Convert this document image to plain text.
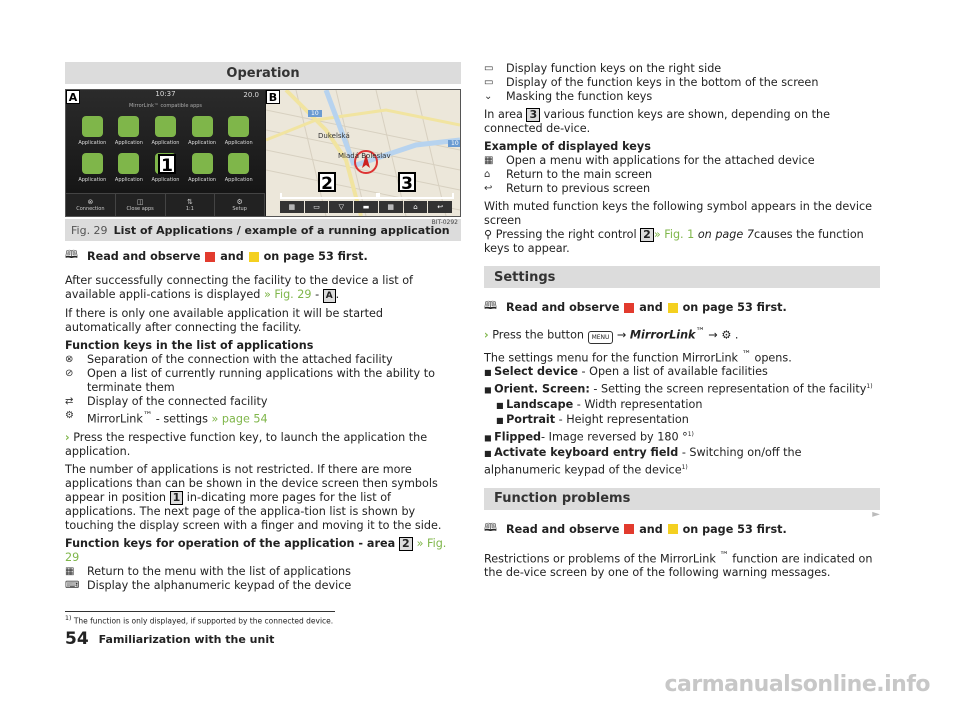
Operation
A	10:37	20.0
MirrorLink™ compatible apps
Application Application Application Application Application
Application Application Application Application Application
⊗
Connection
◫
Close apps
⇅
1:1
⚙
Setup
1
B
10
10
Dukelská
Mladá Boleslav
2	3
▦	▭	▽	▬	▦	⌂	↩
BIT-0292
Fig. 29 List of Applications / example of a running application
🕮 Read and observe

and

on page 53 first.

After successfully connecting the facility to the device a list of available appli-cations is displayed » Fig. 29 - A .

If there is only one available application it will be started automatically after connecting the facility.

Function keys in the list of applications

⊗	Separation of the connection with the attached facility
⊘	Open a list of currently running applications with the ability to terminate them
⇄	Display of the connected facility
⚙	MirrorLink™ - settings » page 54

› Press the respective function key, to launch the application the application.

The number of applications is not restricted. If there are more applications than can be shown in the device screen then symbols appear in position 1 in-dicating more pages for the list of applications. The next page of the applica-tion list is shown by touching the display screen with a finger and moving it to the side.

Function keys for operation of the application - area 2 » Fig. 29

▦	Return to the menu with the list of applications
⌨ Display the alphanumeric keypad of the device
▭	Display function keys on the right side
▭	Display of the function keys in the bottom of the screen
⌄	Masking the function keys

In area 3 various function keys are shown, depending on the connected de-vice.

Example of displayed keys

▦	Open a menu with applications for the attached device
⌂	Return to the main screen
↩	Return to previous screen

With muted function keys the following symbol appears in the device screen
⚲ Pressing the right control 2 » Fig. 1 on page 7causes the function keys to appear.

Settings
🕮 Read and observe

and

on page 53 first.

› Press the button MENU → MirrorLink™ → ⚙ .

The settings menu for the function MirrorLink ™ opens.

■ Select device - Open a list of available facilities

■ Orient. Screen: - Setting the screen representation of the facility$^{1)}$

■ Landscape - Width representation

■ Portrait - Height representation

■ Flipped- Image reversed by 180 °$^{1)}$

■ Activate keyboard entry field - Switching on/off the alphanumeric keypad of the device$^{1)}$

Function problems
🕮 Read and observe

and

on page 53 first.

Restrictions or problems of the MirrorLink ™ function are indicated on the de-vice screen by one of the following warning messages.

►
$^{1)}$ The function is only displayed, if supported by the connected device.
54 Familiarization with the unit
carmanualsonline.info
